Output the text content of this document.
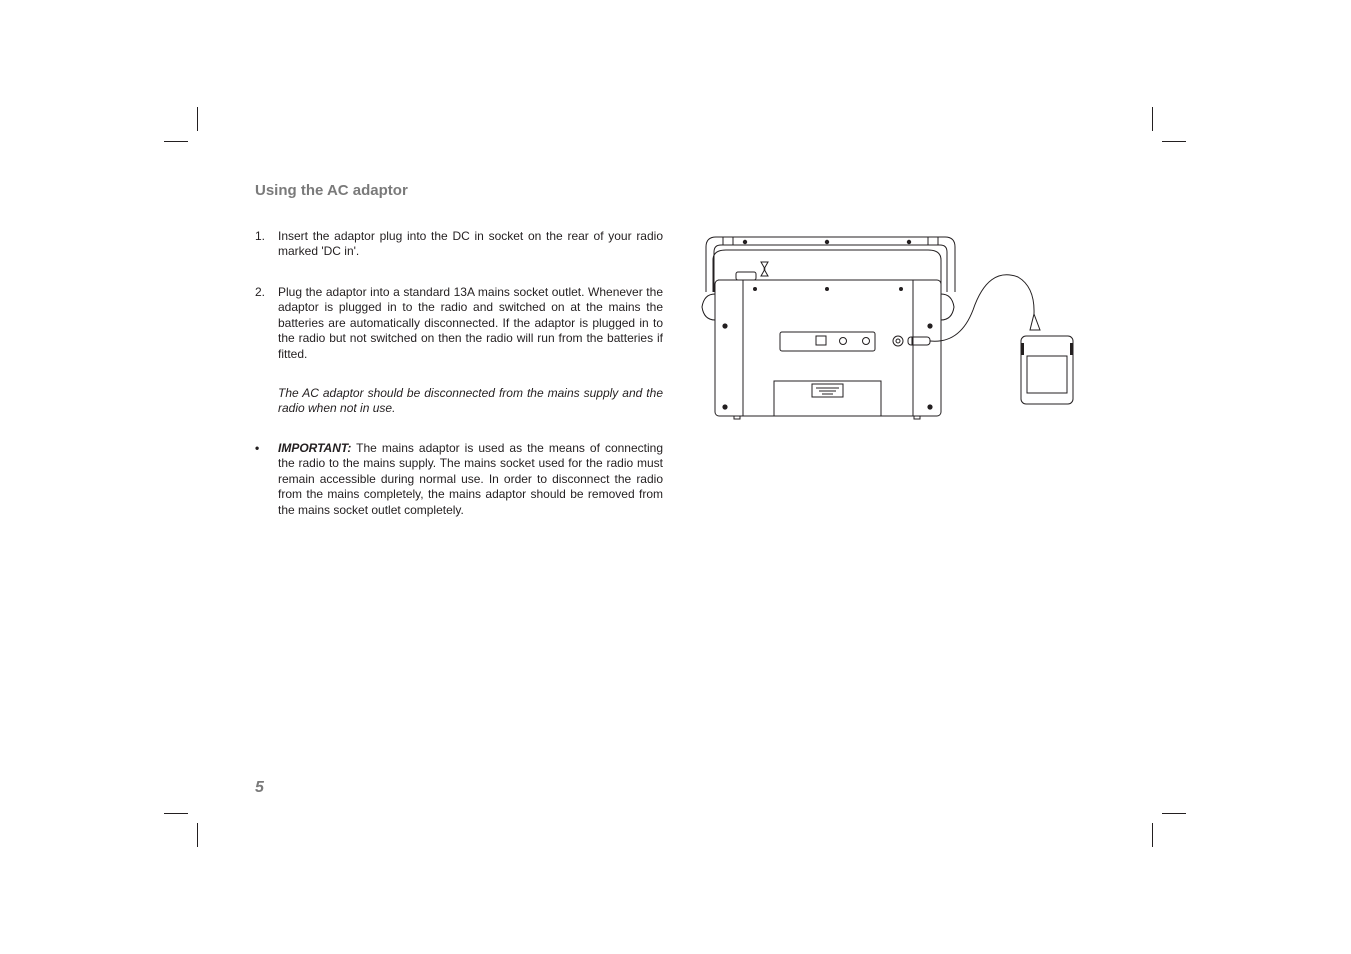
Using the AC adaptor
1. Insert the adaptor plug into the DC in socket on the rear of your radio marked 'DC in'.
2. Plug the adaptor into a standard 13A mains socket outlet. Whenever the adaptor is plugged in to the radio and switched on at the mains the batteries are automatically disconnected. If the adaptor is plugged in to the radio but not switched on then the radio will run from the batteries if fitted.
The AC adaptor should be disconnected from the mains supply and the radio when not in use.
• IMPORTANT: The mains adaptor is used as the means of connecting the radio to the mains supply. The mains socket used for the radio must remain accessible during normal use. In order to disconnect the radio from the mains completely, the mains adaptor should be removed from the mains socket outlet completely.
5
